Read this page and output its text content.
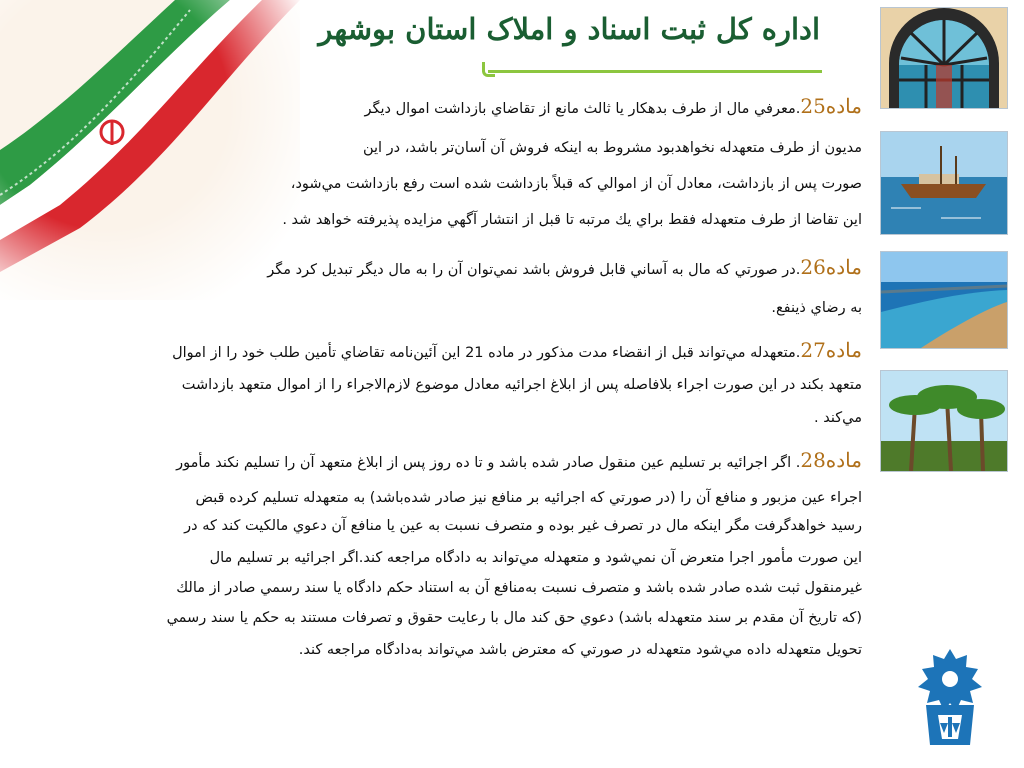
اداره کل ثبت اسناد و املاک استان بوشهر
ماده25.معرفي مال از طرف بدهكار يا ثالث مانع از تقاضاي بازداشت اموال ديگر
مديون از طرف متعهدله نخواهدبود مشروط به اينكه فروش آن آسان‌تر باشد، در اين
صورت پس از بازداشت، معادل آن از اموالي كه قبلاً بازداشت شده است رفع بازداشت مي‌شود،
اين تقاضا از طرف متعهدله فقط براي يك مرتبه تا قبل از انتشار آگهي مزايده پذيرفته خواهد شد .
ماده26.در صورتي كه مال به آساني قابل فروش باشد نمي‌توان آن را به مال ديگر تبديل كرد مگر
به رضاي ذينفع.
ماده27.متعهدله مي‌تواند قبل از انقضاء مدت مذكور در ماده 21 اين آئين‌نامه تقاضاي تأمين طلب خود را از اموال
متعهد بكند در اين صورت اجراء بلافاصله پس از ابلاغ اجرائيه معادل موضوع لازم‌الاجراء را از اموال متعهد بازداشت
مي‌كند .
ماده28. اگر اجرائيه بر تسليم عين منقول صادر شده باشد و تا ده روز پس از ابلاغ متعهد آن را تسليم نكند مأمور
اجراء عين مزبور و منافع آن را (در صورتي كه اجرائيه بر منافع نيز صادر شده‌باشد) به متعهدله تسليم كرده قبض
رسيد خواهدگرفت مگر اينكه مال در تصرف غير بوده و متصرف نسبت به عين يا منافع آن دعوي مالكيت كند كه در
اين صورت مأمور اجرا متعرض آن نمي‌شود و متعهدله مي‌تواند به دادگاه مراجعه كند.اگر اجرائيه بر تسليم مال
غيرمنقول ثبت شده صادر شده باشد و متصرف نسبت به‌منافع آن به استناد حكم دادگاه يا سند رسمي صادر از مالك
(كه تاريخ آن مقدم بر سند متعهدله باشد) دعوي حق كند مال با رعايت حقوق و تصرفات مستند به حكم يا سند رسمي
تحويل متعهدله داده مي‌شود متعهدله در صورتي كه معترض باشد مي‌تواند به‌دادگاه مراجعه كند.
